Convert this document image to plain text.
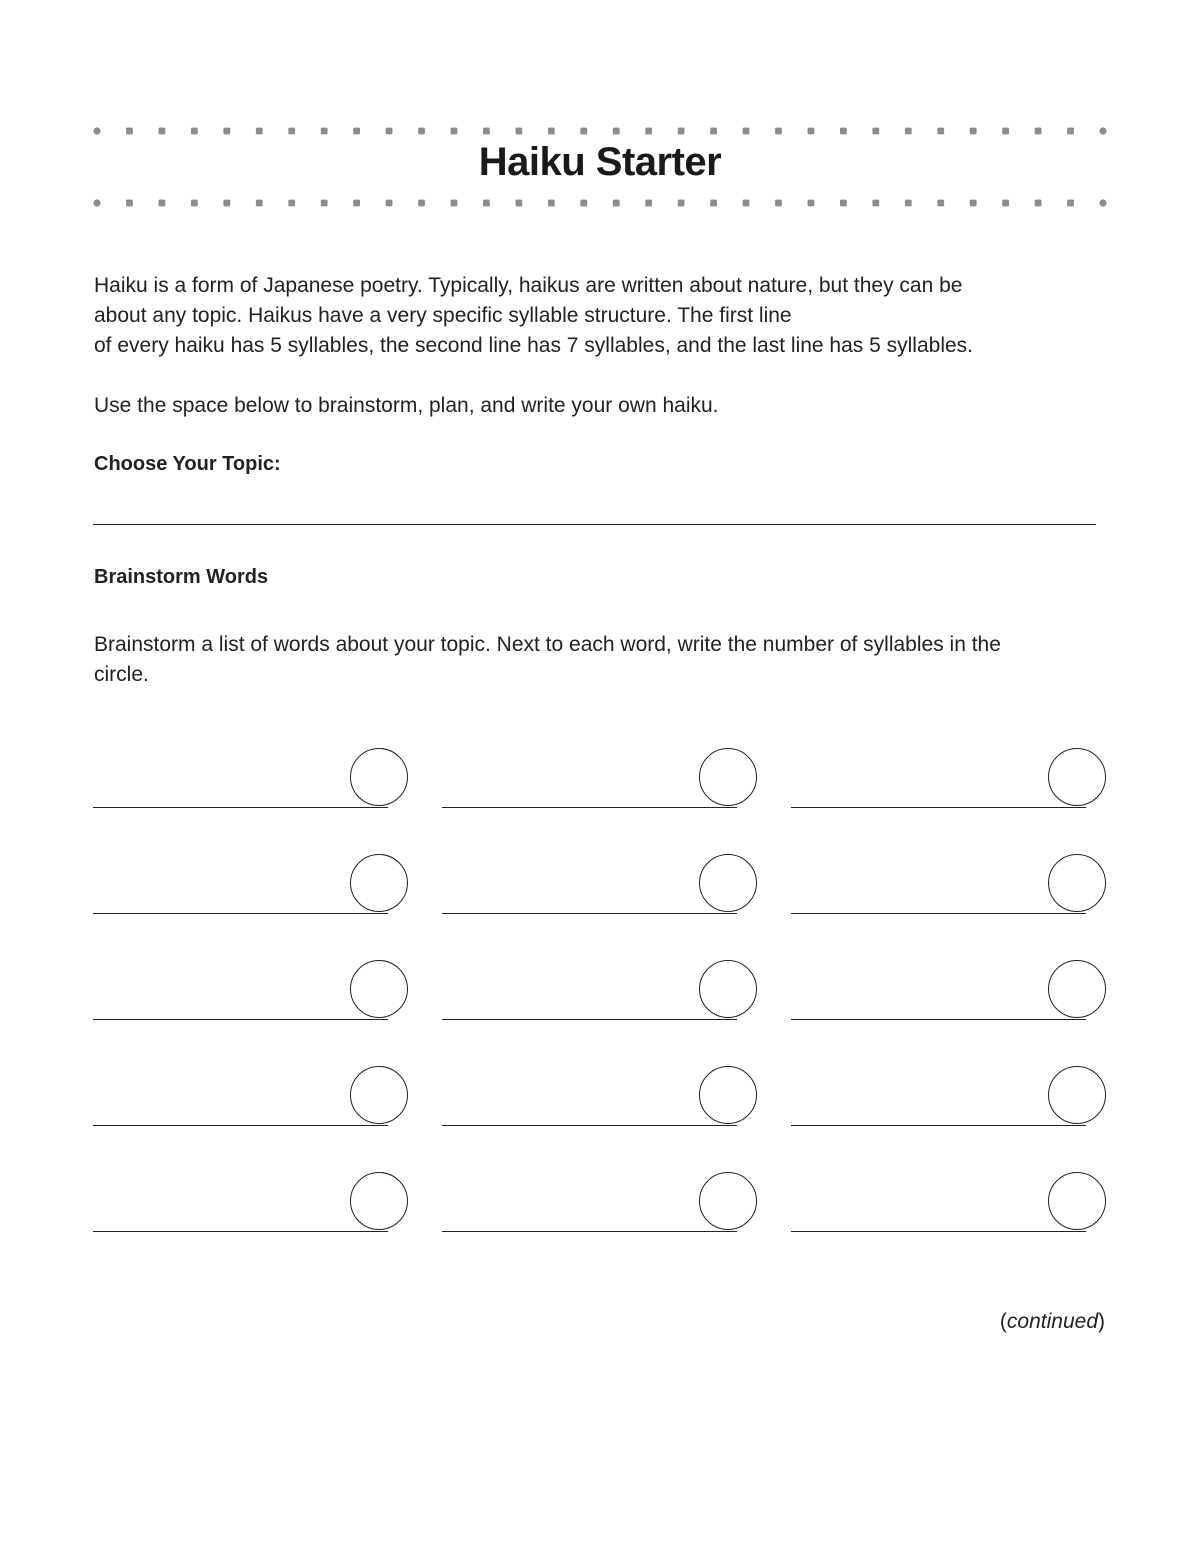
Haiku Starter

Haiku is a form of Japanese poetry. Typically, haikus are written about nature, but they can be

about any topic. Haikus have a very specific syllable structure. The first line

of every haiku has 5 syllables, the second line has 7 syllables, and the last line has 5 syllables.

Use the space below to brainstorm, plan, and write your own haiku.

Choose Your Topic:

Brainstorm Words

Brainstorm a list of words about your topic. Next to each word, write the number of syllables in the

circle.

(continued)
